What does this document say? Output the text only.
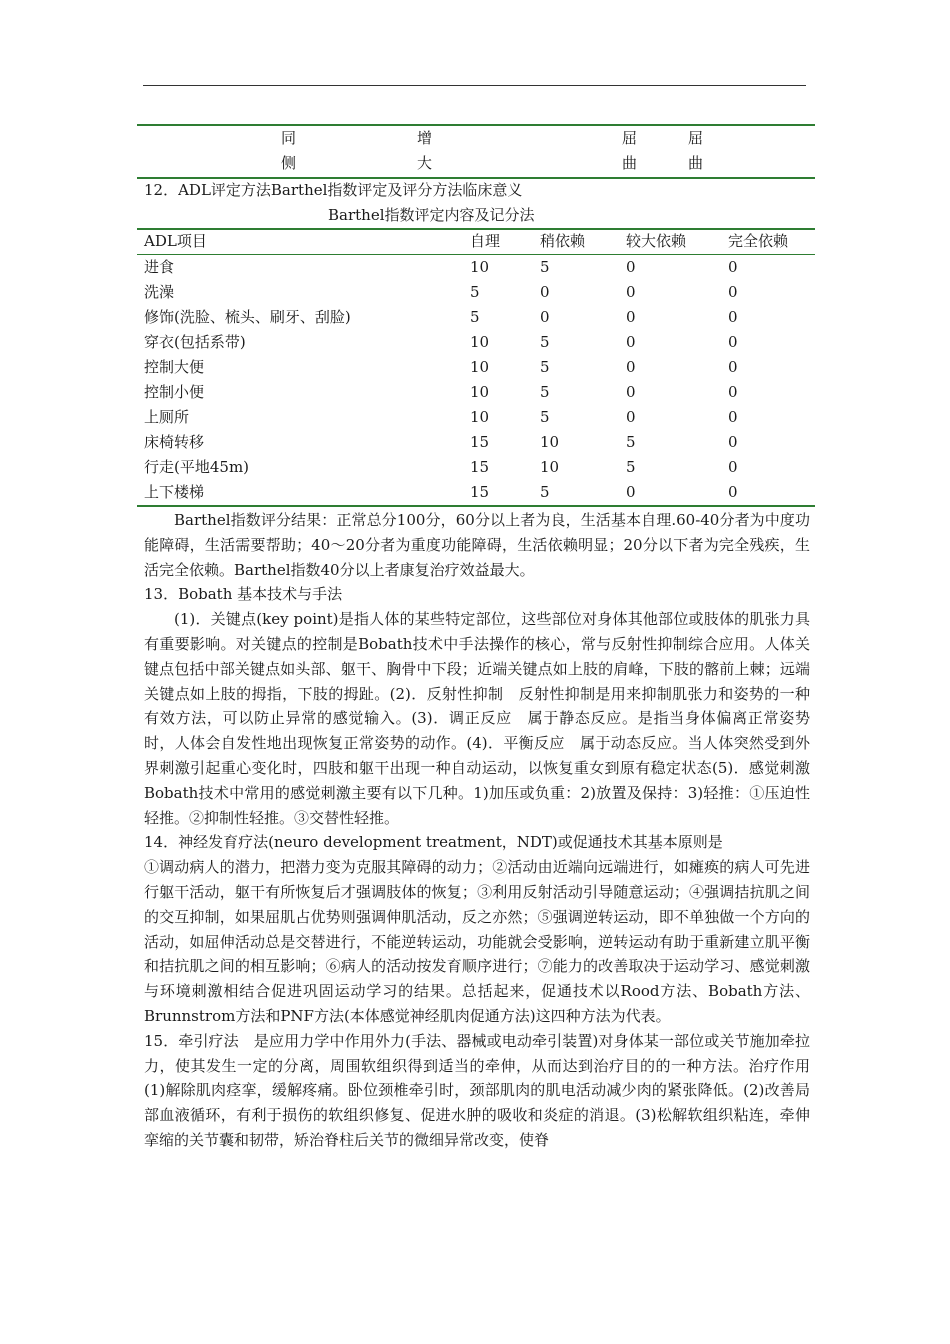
同	增	屈	屈
侧	大	曲	曲
12．ADL评定方法Barthel指数评定及评分方法临床意义
Barthel指数评定内容及记分法
ADL项目	自理	稍依赖	较大依赖	完全依赖
进食	10	5	0	0
洗澡	5	0	0	0
修饰(洗脸、梳头、刷牙、刮脸)	5	0	0	0
穿衣(包括系带)	10	5	0	0
控制大便	10	5	0	0
控制小便	10	5	0	0
上厕所	10	5	0	0
床椅转移	15	10	5	0
行走(平地45m)	15	10	5	0
上下楼梯	15	5	0	0

Barthel指数评分结果：正常总分100分，60分以上者为良，生活基本自理.60-40分者为中度功能障碍，生活需要帮助；40～20分者为重度功能障碍，生活依赖明显；20分以下者为完全残疾，生活完全依赖。Barthel指数40分以上者康复治疗效益最大。

13．Bobath 基本技术与手法

(1)．关键点(key point)是指人体的某些特定部位，这些部位对身体其他部位或肢体的肌张力具有重要影响。对关键点的控制是Bobath技术中手法操作的核心，常与反射性抑制综合应用。人体关键点包括中部关键点如头部、躯干、胸骨中下段；近端关键点如上肢的肩峰，下肢的髂前上棘；远端关键点如上肢的拇指，下肢的拇趾。(2)．反射性抑制　反射性抑制是用来抑制肌张力和姿势的一种有效方法，可以防止异常的感觉输入。(3)．调正反应　属于静态反应。是指当身体偏离正常姿势时，人体会自发性地出现恢复正常姿势的动作。(4)．平衡反应　属于动态反应。当人体突然受到外界刺激引起重心变化时，四肢和躯干出现一种自动运动，以恢复重女到原有稳定状态(5)．感觉刺激　Bobath技术中常用的感觉刺激主要有以下几种。1)加压或负重：2)放置及保持：3)轻推：①压迫性轻推。②抑制性轻推。③交替性轻推。

14．神经发育疗法(neuro development treatment，NDT)或促通技术其基本原则是

①调动病人的潜力，把潜力变为克服其障碍的动力；②活动由近端向远端进行，如瘫痪的病人可先进行躯干活动，躯干有所恢复后才强调肢体的恢复；③利用反射活动引导随意运动；④强调拮抗肌之间的交互抑制，如果屈肌占优势则强调伸肌活动，反之亦然；⑤强调逆转运动，即不单独做一个方向的活动，如屈伸活动总是交替进行，不能逆转运动，功能就会受影响，逆转运动有助于重新建立肌平衡和拮抗肌之间的相互影响；⑥病人的活动按发育顺序进行；⑦能力的改善取决于运动学习、感觉刺激与环境刺激相结合促进巩固运动学习的结果。总括起来，促通技术以Rood方法、Bobath方法、Brunnstrom方法和PNF方法(本体感觉神经肌肉促通方法)这四种方法为代表。

15．牵引疗法　是应用力学中作用外力(手法、器械或电动牵引装置)对身体某一部位或关节施加牵拉力，使其发生一定的分离，周围软组织得到适当的牵伸，从而达到治疗目的的一种方法。治疗作用 (1)解除肌肉痉挛，缓解疼痛。卧位颈椎牵引时，颈部肌肉的肌电活动减少肉的紧张降低。(2)改善局部血液循环，有利于损伤的软组织修复、促进水肿的吸收和炎症的消退。(3)松解软组织粘连，牵伸挛缩的关节囊和韧带，矫治脊柱后关节的微细异常改变，使脊
